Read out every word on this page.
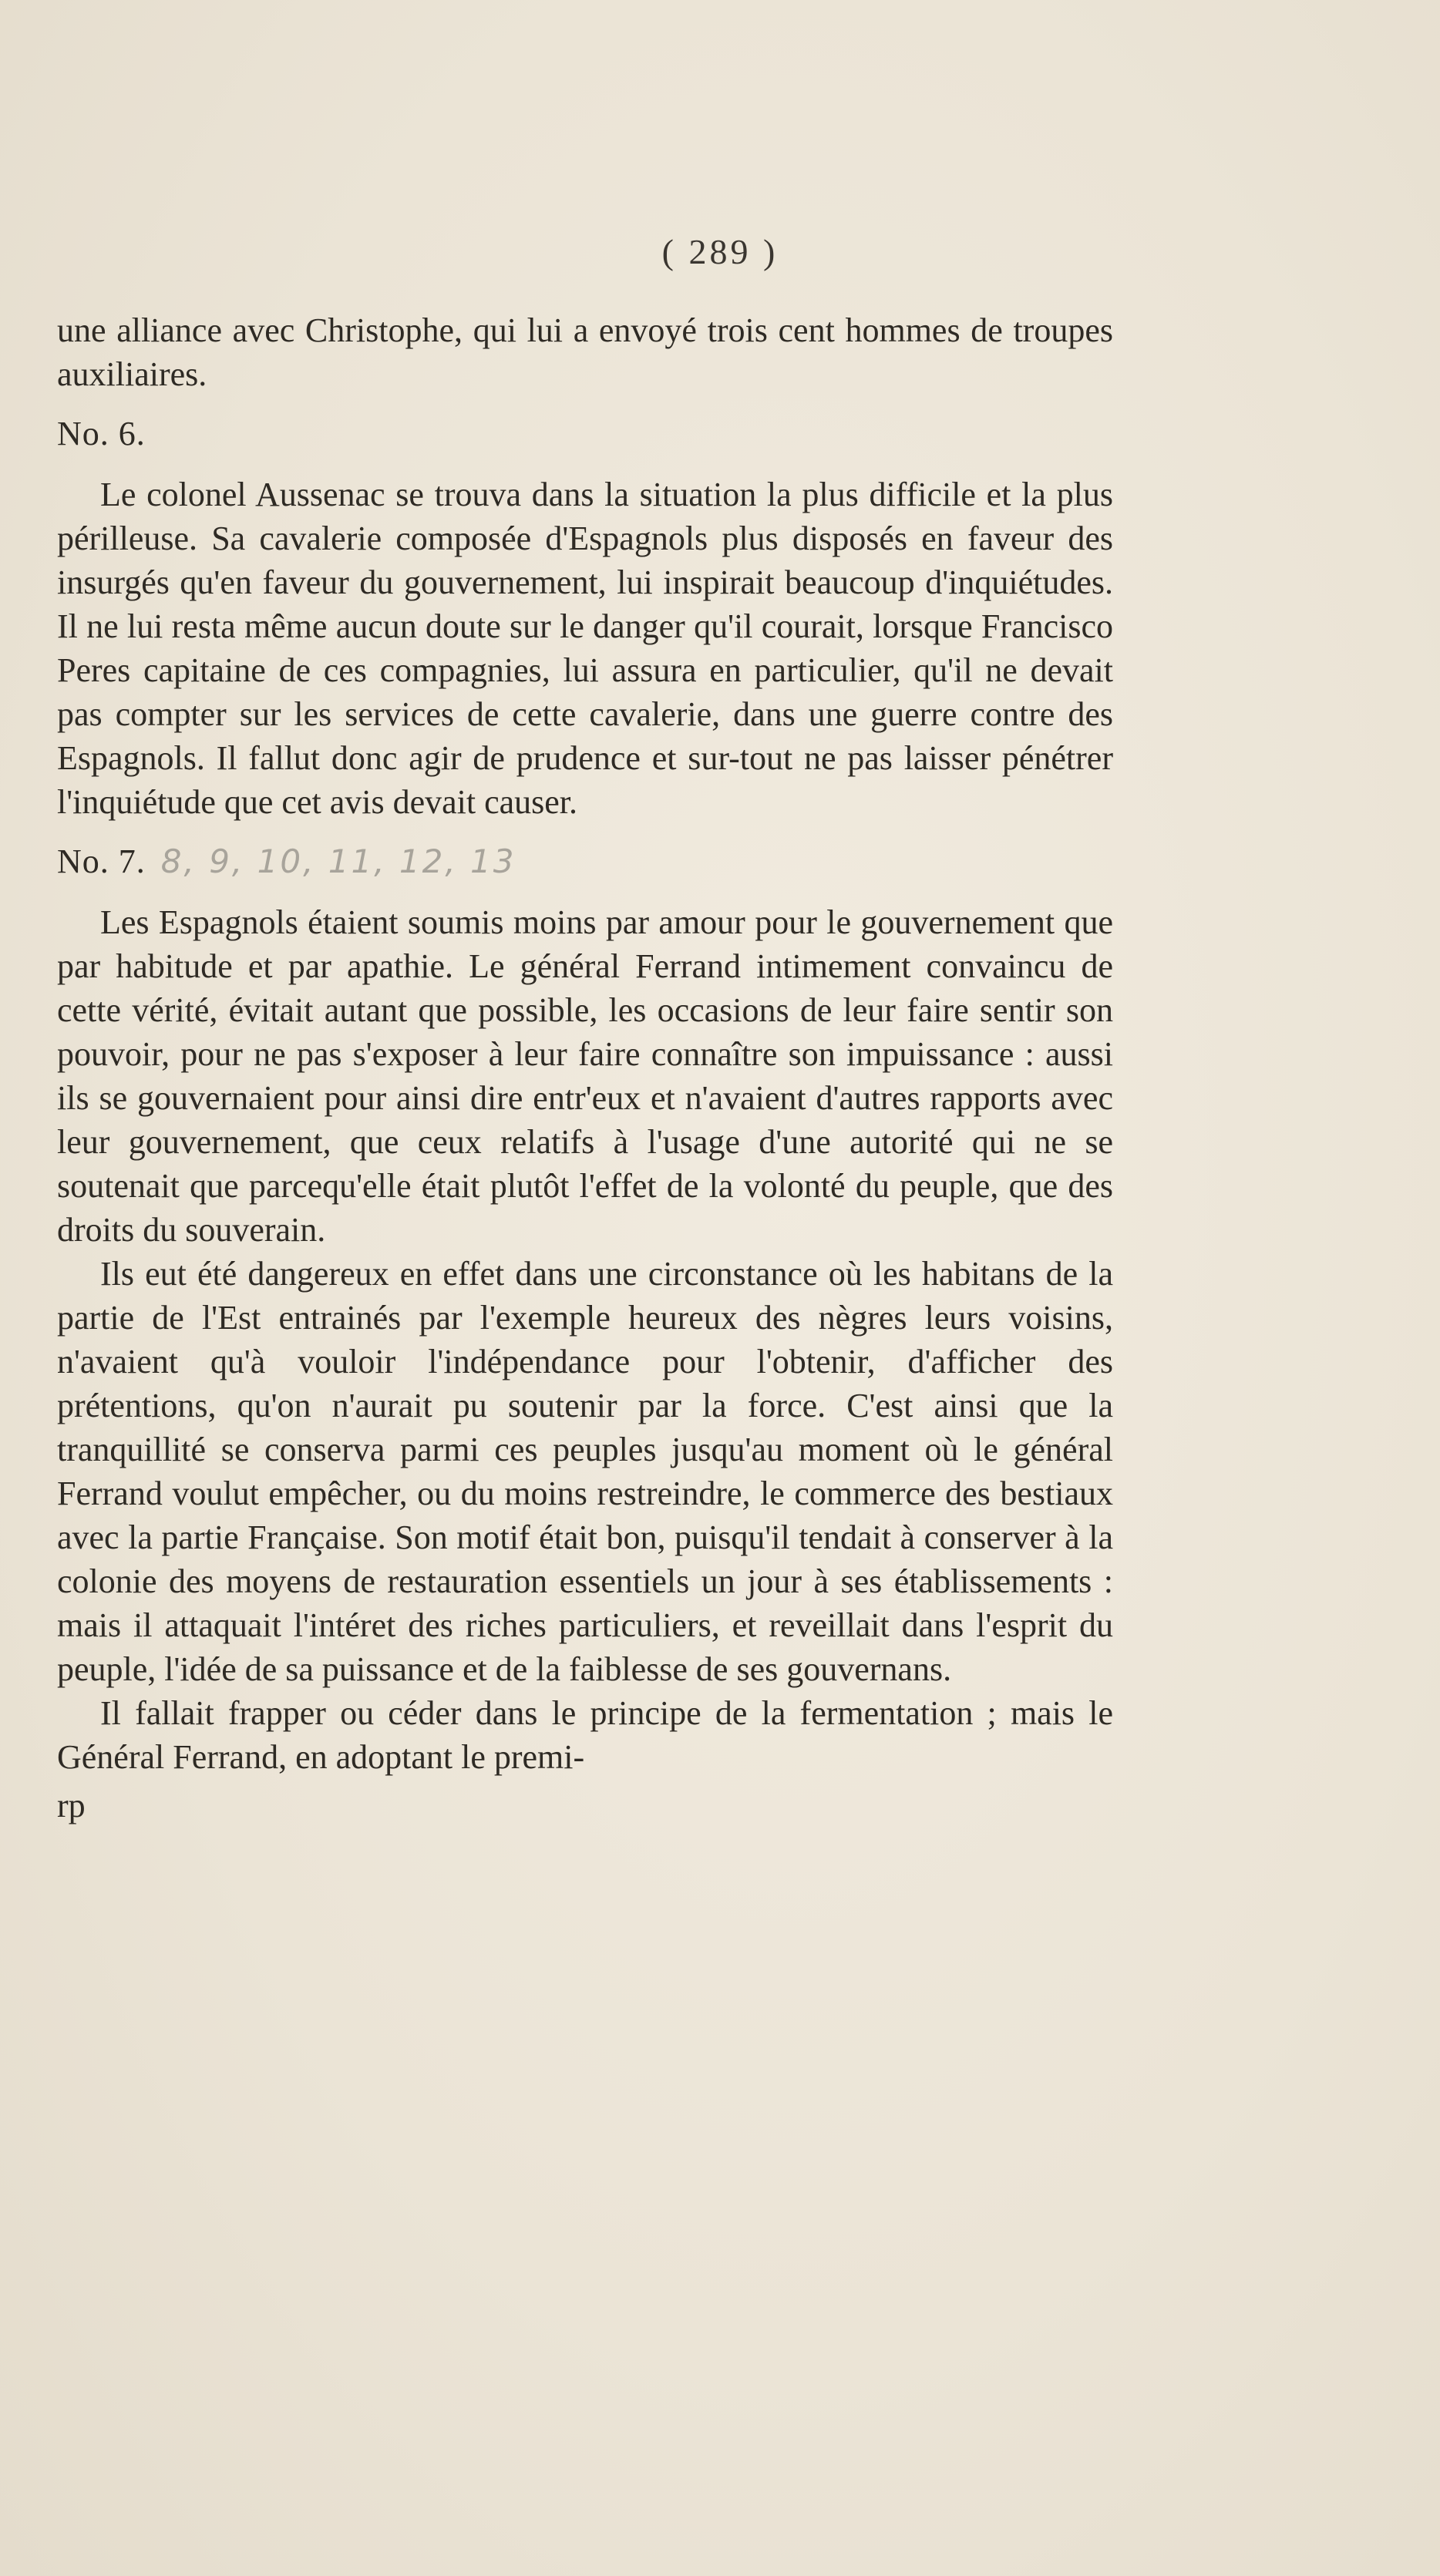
( 289 )

une alliance avec Christophe, qui lui a envoyé trois cent hommes de troupes auxiliaires.

No. 6.

Le colonel Aussenac se trouva dans la situation la plus difficile et la plus périlleuse. Sa cavalerie composée d'Espagnols plus disposés en faveur des insurgés qu'en faveur du gouvernement, lui inspirait beaucoup d'inquiétudes. Il ne lui resta même aucun doute sur le danger qu'il courait, lorsque Francisco Peres capitaine de ces compagnies, lui assura en particulier, qu'il ne devait pas compter sur les services de cette cavalerie, dans une guerre contre des Espagnols. Il fallut donc agir de prudence et sur-tout ne pas laisser pénétrer l'inquiétude que cet avis devait causer.

No. 7. 8, 9, 10, 11, 12, 13

Les Espagnols étaient soumis moins par amour pour le gouvernement que par habitude et par apathie. Le général Ferrand intimement convaincu de cette vérité, évitait autant que possible, les occasions de leur faire sentir son pouvoir, pour ne pas s'exposer à leur faire connaître son impuissance : aussi ils se gouvernaient pour ainsi dire entr'eux et n'avaient d'autres rapports avec leur gouvernement, que ceux relatifs à l'usage d'une autorité qui ne se soutenait que parcequ'elle était plutôt l'effet de la volonté du peuple, que des droits du souverain.

Ils eut été dangereux en effet dans une circonstance où les habitans de la partie de l'Est entrainés par l'exemple heureux des nègres leurs voisins, n'avaient qu'à vouloir l'indépendance pour l'obtenir, d'afficher des prétentions, qu'on n'aurait pu soutenir par la force. C'est ainsi que la tranquillité se conserva parmi ces peuples jusqu'au moment où le général Ferrand voulut empêcher, ou du moins restreindre, le commerce des bestiaux avec la partie Française. Son motif était bon, puisqu'il tendait à conserver à la colonie des moyens de restauration essentiels un jour à ses établissements : mais il attaquait l'intéret des riches particuliers, et reveillait dans l'esprit du peuple, l'idée de sa puissance et de la faiblesse de ses gouvernans.

Il fallait frapper ou céder dans le principe de la fermentation ; mais le Général Ferrand, en adoptant le premi-

rp
